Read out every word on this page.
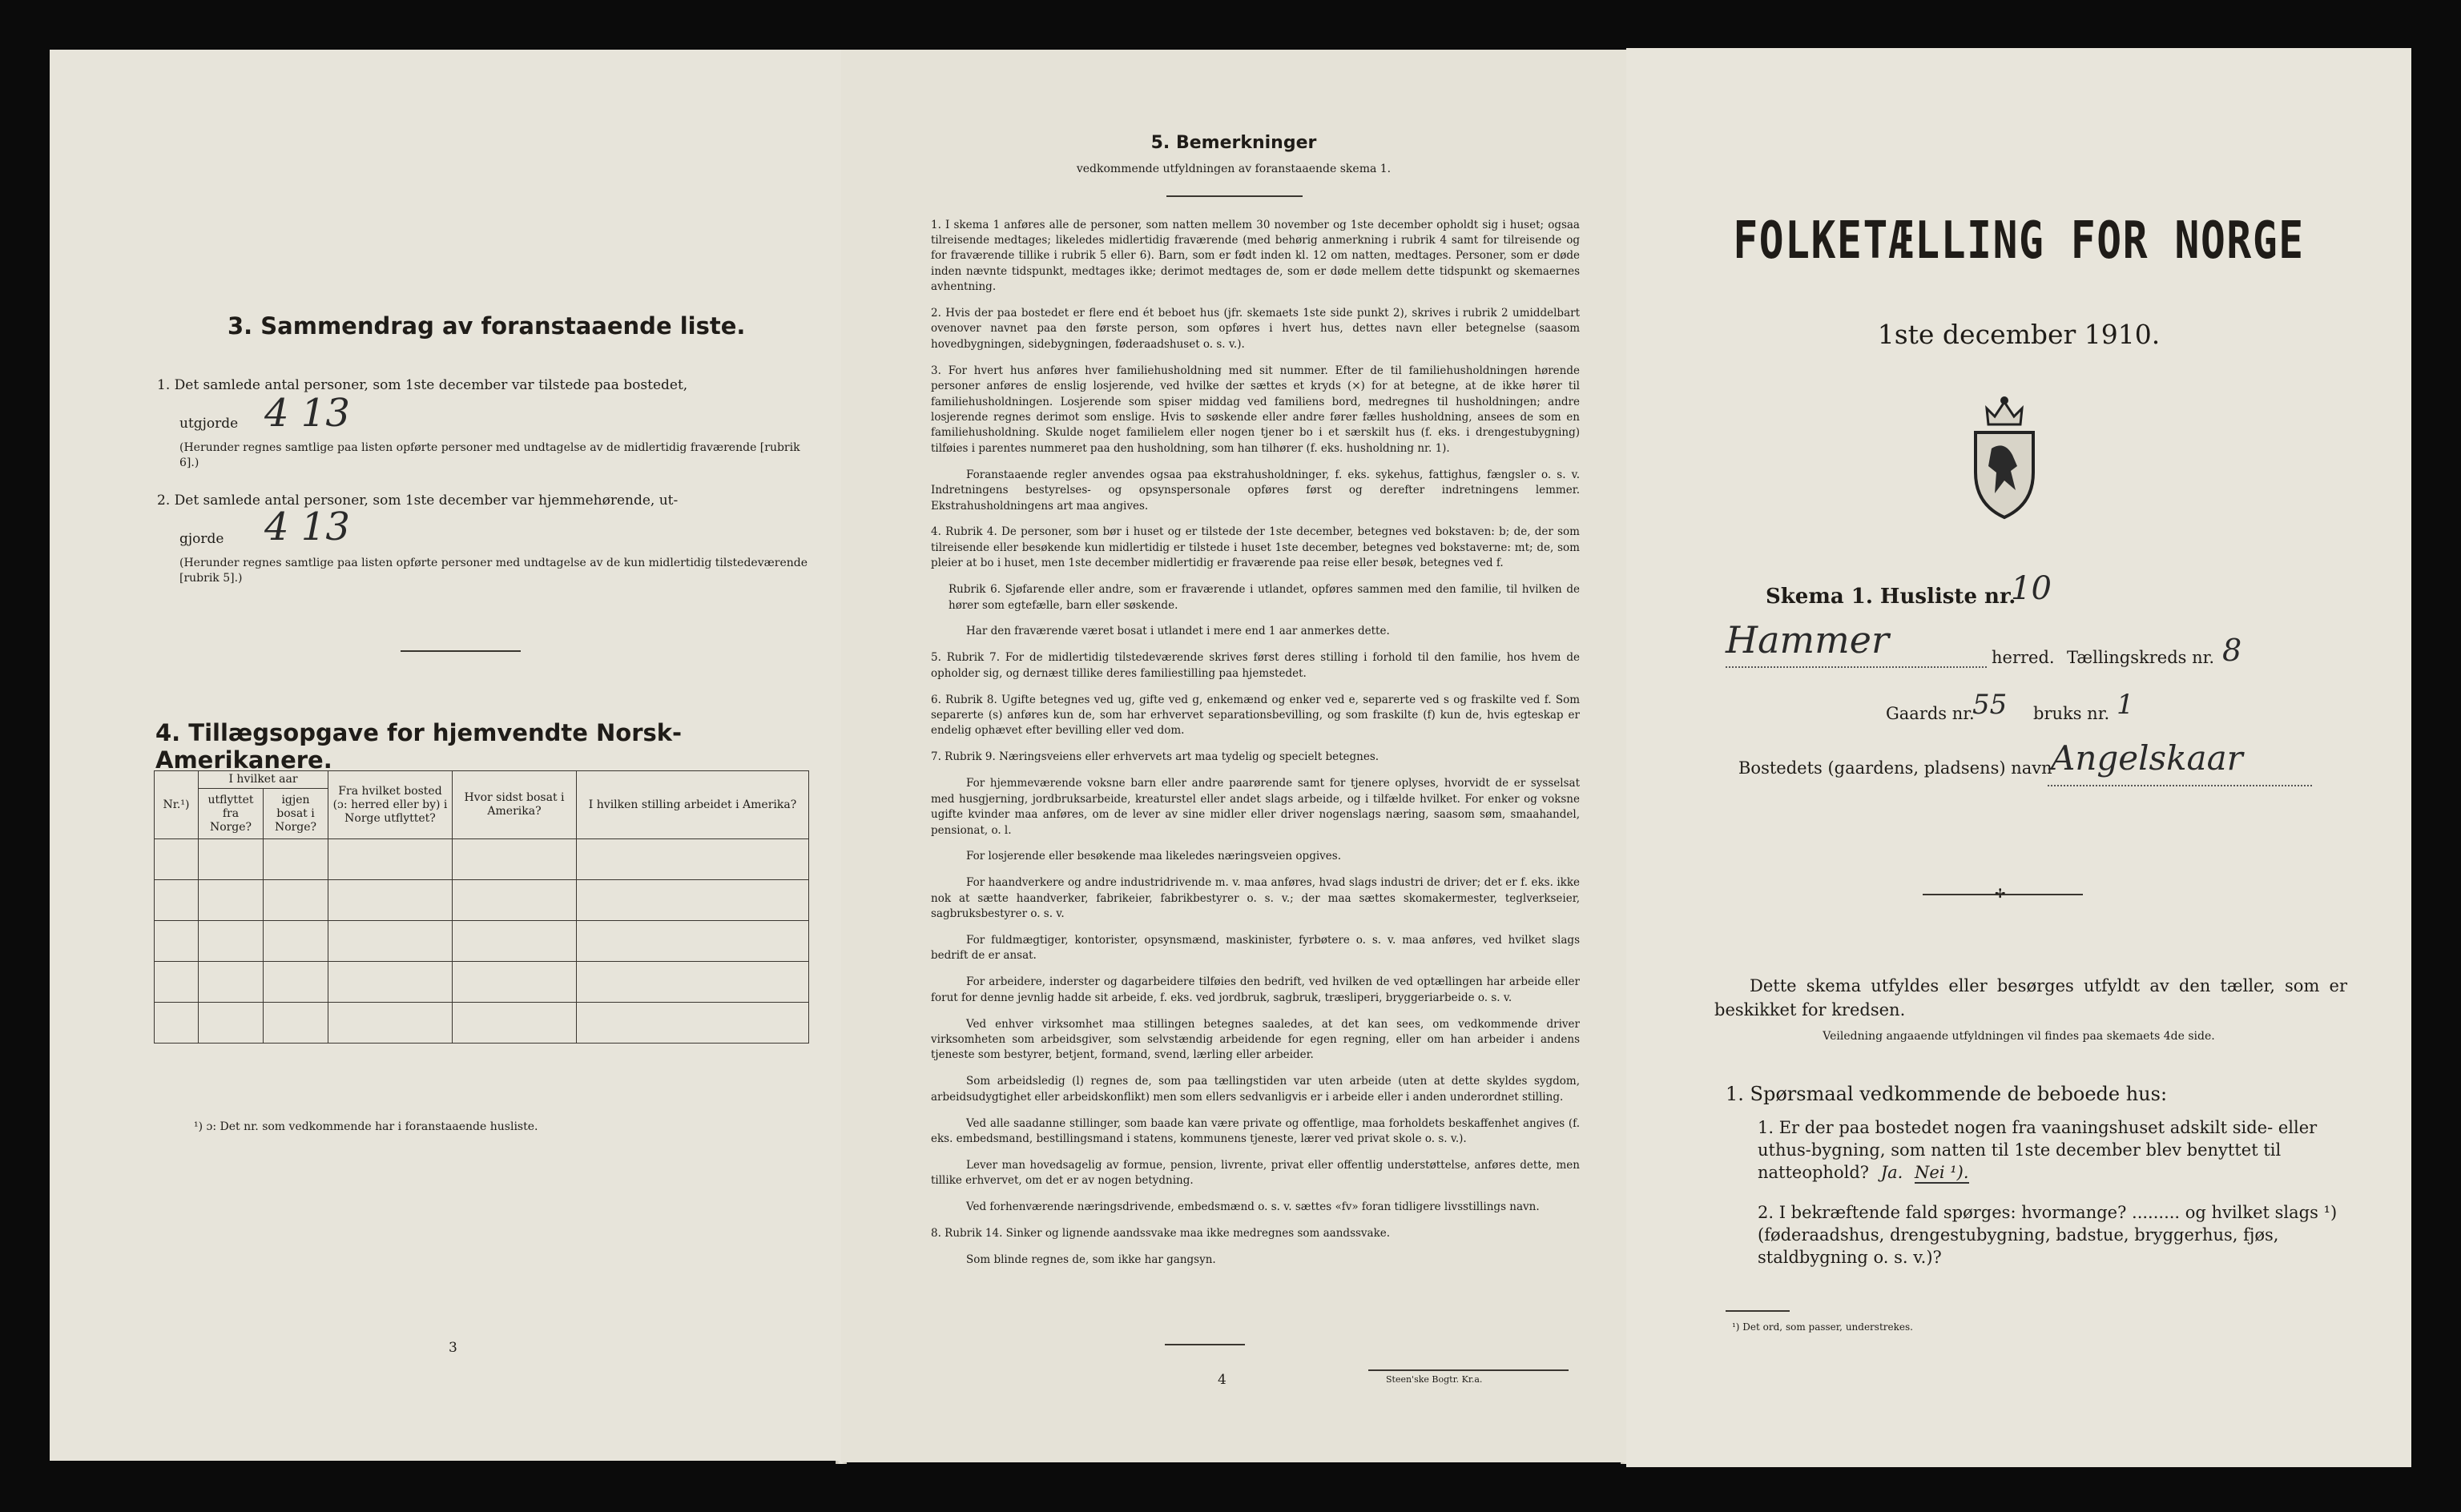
3. Sammendrag av foranstaaende liste.
1. Det samlede antal personer, som 1ste december var tilstede paa bostedet,
utgjorde 4 13
(Herunder regnes samtlige paa listen opførte personer med undtagelse av de midlertidig fraværende [rubrik 6].)
2. Det samlede antal personer, som 1ste december var hjemmehørende, ut-
gjorde 4 13
(Herunder regnes samtlige paa listen opførte personer med undtagelse av de kun midlertidig tilstedeværende [rubrik 5].)
4. Tillægsopgave for hjemvendte Norsk-Amerikanere.
Nr.¹)	I hvilket aar		Fra hvilket bosted (ɔ: herred eller by) i Norge utflyttet?	Hvor sidst bosat i Amerika?	I hvilken stilling arbeidet i Amerika?
	utflyttet fra Norge?	igjen bosat i Norge?			

¹) ɔ: Det nr. som vedkommende har i foranstaaende husliste.
3
5. Bemerkninger
vedkommende utfyldningen av foranstaaende skema 1.

1. I skema 1 anføres alle de personer, som natten mellem 30 november og 1ste december opholdt sig i huset; ogsaa tilreisende medtages; likeledes midlertidig fraværende (med behørig anmerkning i rubrik 4 samt for tilreisende og for fraværende tillike i rubrik 5 eller 6). Barn, som er født inden kl. 12 om natten, medtages. Personer, som er døde inden nævnte tidspunkt, medtages ikke; derimot medtages de, som er døde mellem dette tidspunkt og skemaernes avhentning.

2. Hvis der paa bostedet er flere end ét beboet hus (jfr. skemaets 1ste side punkt 2), skrives i rubrik 2 umiddelbart ovenover navnet paa den første person, som opføres i hvert hus, dettes navn eller betegnelse (saasom hovedbygningen, sidebygningen, føderaadshuset o. s. v.).

3. For hvert hus anføres hver familiehusholdning med sit nummer. Efter de til familiehusholdningen hørende personer anføres de enslig losjerende, ved hvilke der sættes et kryds (×) for at betegne, at de ikke hører til familiehusholdningen. Losjerende som spiser middag ved familiens bord, medregnes til husholdningen; andre losjerende regnes derimot som enslige. Hvis to søskende eller andre fører fælles husholdning, ansees de som en familiehusholdning. Skulde noget familielem eller nogen tjener bo i et særskilt hus (f. eks. i drengestubygning) tilføies i parentes nummeret paa den husholdning, som han tilhører (f. eks. husholdning nr. 1).

Foranstaaende regler anvendes ogsaa paa ekstrahusholdninger, f. eks. sykehus, fattighus, fængsler o. s. v. Indretningens bestyrelses- og opsynspersonale opføres først og derefter indretningens lemmer. Ekstrahusholdningens art maa angives.

4. Rubrik 4. De personer, som bør i huset og er tilstede der 1ste december, betegnes ved bokstaven: b; de, der som tilreisende eller besøkende kun midlertidig er tilstede i huset 1ste december, betegnes ved bokstaverne: mt; de, som pleier at bo i huset, men 1ste december midlertidig er fraværende paa reise eller besøk, betegnes ved f.

Rubrik 6. Sjøfarende eller andre, som er fraværende i utlandet, opføres sammen med den familie, til hvilken de hører som egtefælle, barn eller søskende.

Har den fraværende været bosat i utlandet i mere end 1 aar anmerkes dette.

5. Rubrik 7. For de midlertidig tilstedeværende skrives først deres stilling i forhold til den familie, hos hvem de opholder sig, og dernæst tillike deres familiestilling paa hjemstedet.

6. Rubrik 8. Ugifte betegnes ved ug, gifte ved g, enkemænd og enker ved e, separerte ved s og fraskilte ved f. Som separerte (s) anføres kun de, som har erhvervet separationsbevilling, og som fraskilte (f) kun de, hvis egteskap er endelig ophævet efter bevilling eller ved dom.

7. Rubrik 9. Næringsveiens eller erhvervets art maa tydelig og specielt betegnes.

For hjemmeværende voksne barn eller andre paarørende samt for tjenere oplyses, hvorvidt de er sysselsat med husgjerning, jordbruksarbeide, kreaturstel eller andet slags arbeide, og i tilfælde hvilket. For enker og voksne ugifte kvinder maa anføres, om de lever av sine midler eller driver nogenslags næring, saasom søm, smaahandel, pensionat, o. l.

For losjerende eller besøkende maa likeledes næringsveien opgives.

For haandverkere og andre industridrivende m. v. maa anføres, hvad slags industri de driver; det er f. eks. ikke nok at sætte haandverker, fabrikeier, fabrikbestyrer o. s. v.; der maa sættes skomakermester, teglverkseier, sagbruksbestyrer o. s. v.

For fuldmægtiger, kontorister, opsynsmænd, maskinister, fyrbøtere o. s. v. maa anføres, ved hvilket slags bedrift de er ansat.

For arbeidere, inderster og dagarbeidere tilføies den bedrift, ved hvilken de ved optællingen har arbeide eller forut for denne jevnlig hadde sit arbeide, f. eks. ved jordbruk, sagbruk, træsliperi, bryggeriarbeide o. s. v.

Ved enhver virksomhet maa stillingen betegnes saaledes, at det kan sees, om vedkommende driver virksomheten som arbeidsgiver, som selvstændig arbeidende for egen regning, eller om han arbeider i andens tjeneste som bestyrer, betjent, formand, svend, lærling eller arbeider.

Som arbeidsledig (l) regnes de, som paa tællingstiden var uten arbeide (uten at dette skyldes sygdom, arbeidsudygtighet eller arbeidskonflikt) men som ellers sedvanligvis er i arbeide eller i anden underordnet stilling.

Ved alle saadanne stillinger, som baade kan være private og offentlige, maa forholdets beskaffenhet angives (f. eks. embedsmand, bestillingsmand i statens, kommunens tjeneste, lærer ved privat skole o. s. v.).

Lever man hovedsagelig av formue, pension, livrente, privat eller offentlig understøttelse, anføres dette, men tillike erhvervet, om det er av nogen betydning.

Ved forhenværende næringsdrivende, embedsmænd o. s. v. sættes «fv» foran tidligere livsstillings navn.

8. Rubrik 14. Sinker og lignende aandssvake maa ikke medregnes som aandssvake.

Som blinde regnes de, som ikke har gangsyn.

4	Steen'ske Bogtr. Kr.a.
FOLKETÆLLING FOR NORGE
1ste december 1910.
Skema 1. Husliste nr.
10
Hammer	herred. Tællingskreds nr. 8
Gaards nr.
55 bruks nr. 1
Bostedets (gaardens, pladsens) navn
Angelskaar
✢
Dette skema utfyldes eller besørges utfyldt av den tæller, som er beskikket for kredsen.
Veiledning angaaende utfyldningen vil findes paa skemaets 4de side.
1. Spørsmaal vedkommende de beboede hus:
1. Er der paa bostedet nogen fra vaaningshuset adskilt side- eller uthus-bygning, som natten til 1ste december blev benyttet til natteophold? Ja. Nei ¹).
2. I bekræftende fald spørges: hvormange? ......... og hvilket slags ¹) (føderaadshus, drengestubygning, badstue, bryggerhus, fjøs, staldbygning o. s. v.)?
¹) Det ord, som passer, understrekes.
